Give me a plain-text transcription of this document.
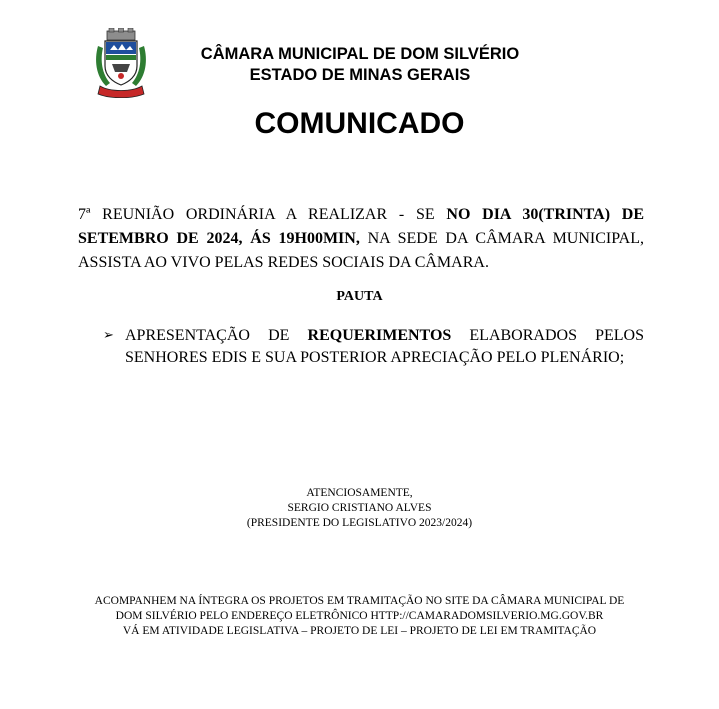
CÂMARA MUNICIPAL DE DOM SILVÉRIO
ESTADO DE MINAS GERAIS
COMUNICADO
7ª REUNIÃO ORDINÁRIA A REALIZAR - SE NO DIA 30(TRINTA) DE SETEMBRO DE 2024, ÁS 19H00MIN, NA SEDE DA CÂMARA MUNICIPAL, ASSISTA AO VIVO PELAS REDES SOCIAIS DA CÂMARA.
PAUTA
➢ APRESENTAÇÃO DE REQUERIMENTOS ELABORADOS PELOS SENHORES EDIS E SUA POSTERIOR APRECIAÇÃO PELO PLENÁRIO;
ATENCIOSAMENTE,
SERGIO CRISTIANO ALVES
(PRESIDENTE DO LEGISLATIVO 2023/2024)
ACOMPANHEM NA ÍNTEGRA OS PROJETOS EM TRAMITAÇÃO NO SITE DA CÂMARA MUNICIPAL DE
DOM SILVÉRIO PELO ENDEREÇO ELETRÔNICO HTTP://CAMARADOMSILVERIO.MG.GOV.BR
VÁ EM ATIVIDADE LEGISLATIVA – PROJETO DE LEI – PROJETO DE LEI EM TRAMITAÇÃO
